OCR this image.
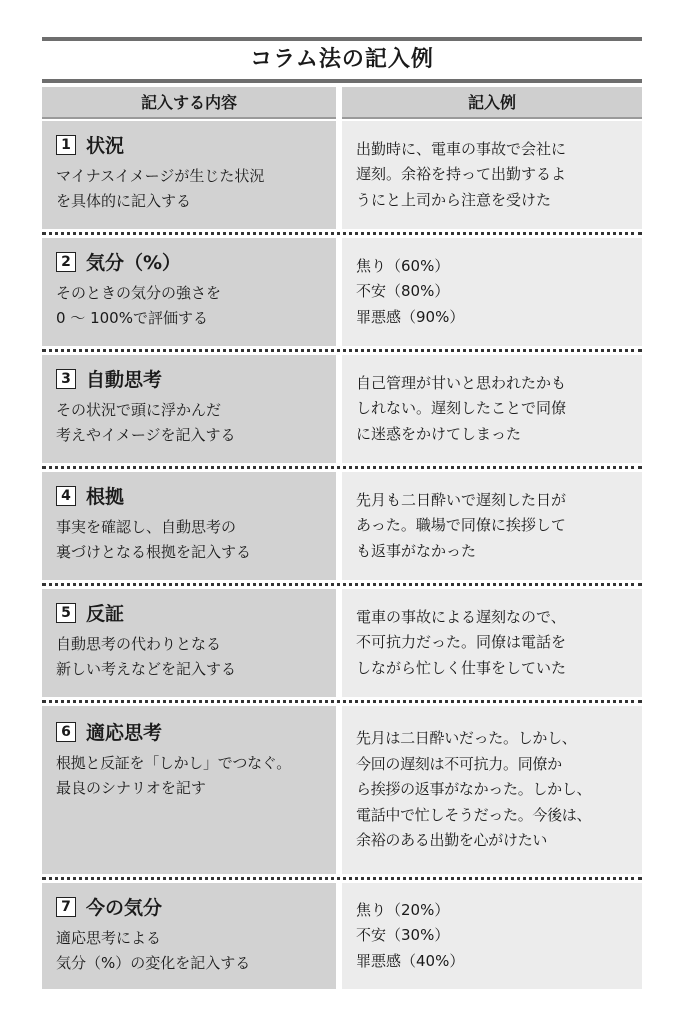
コラム法の記入例
記入する内容	記入例
1 状況
マイナスイメージが生じた状況
を具体的に記入する
出勤時に、電車の事故で会社に
遅刻。余裕を持って出勤するよ
うにと上司から注意を受けた
2 気分（%）
そのときの気分の強さを
0 ～ 100%で評価する
焦り（60%）
不安（80%）
罪悪感（90%）
3 自動思考
その状況で頭に浮かんだ
考えやイメージを記入する
自己管理が甘いと思われたかも
しれない。遅刻したことで同僚
に迷惑をかけてしまった
4 根拠
事実を確認し、自動思考の
裏づけとなる根拠を記入する
先月も二日酔いで遅刻した日が
あった。職場で同僚に挨拶して
も返事がなかった
5 反証
自動思考の代わりとなる
新しい考えなどを記入する
電車の事故による遅刻なので、
不可抗力だった。同僚は電話を
しながら忙しく仕事をしていた
6 適応思考
根拠と反証を「しかし」でつなぐ。
最良のシナリオを記す
先月は二日酔いだった。しかし、
今回の遅刻は不可抗力。同僚か
ら挨拶の返事がなかった。しかし、
電話中で忙しそうだった。今後は、
余裕のある出勤を心がけたい
7 今の気分
適応思考による
気分（%）の変化を記入する
焦り（20%）
不安（30%）
罪悪感（40%）
